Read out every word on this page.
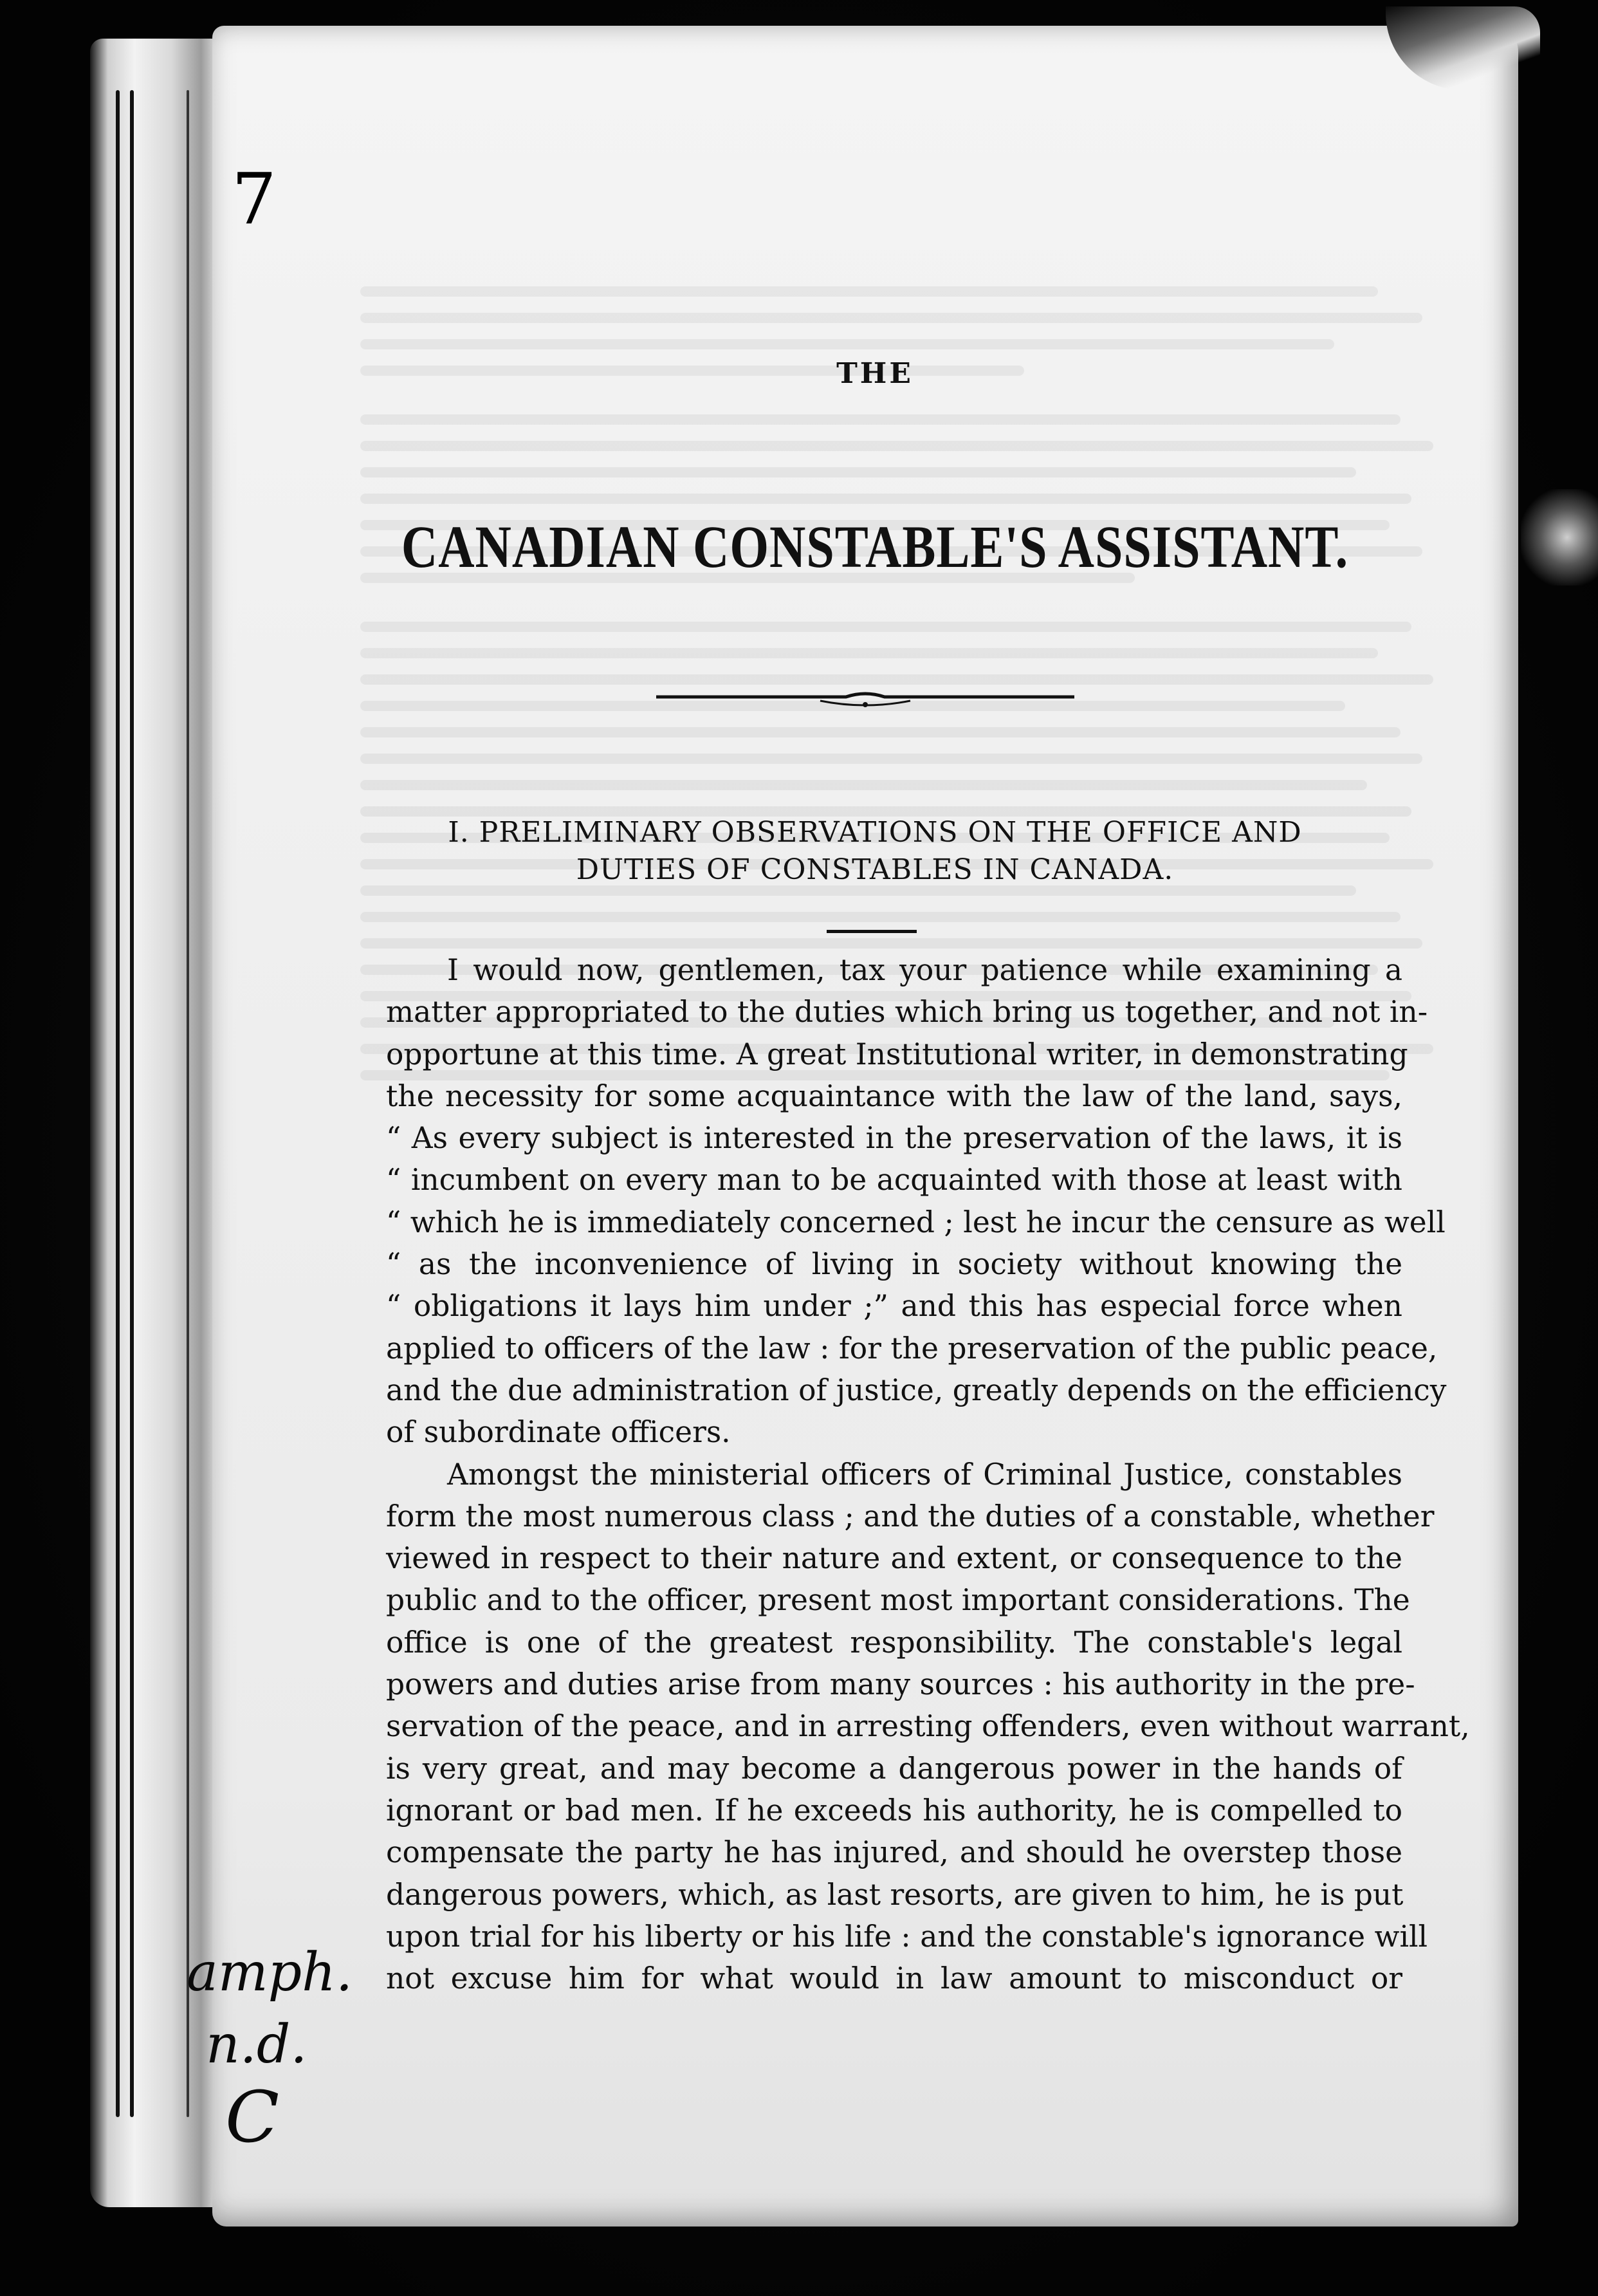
7
THE
CANADIAN CONSTABLE'S ASSISTANT.
I. PRELIMINARY OBSERVATIONS ON THE OFFICE AND
DUTIES OF CONSTABLES IN CANADA.
I would now, gentlemen, tax your patience while examining a
matter appropriated to the duties which bring us together, and not in-
opportune at this time. A great Institutional writer, in demonstrating
the necessity for some acquaintance with the law of the land, says,
“ As every subject is interested in the preservation of the laws, it is
“ incumbent on every man to be acquainted with those at least with
“ which he is immediately concerned ; lest he incur the censure as well
“ as the inconvenience of living in society without knowing the
“ obligations it lays him under ;” and this has especial force when
applied to officers of the law : for the preservation of the public peace,
and the due administration of justice, greatly depends on the efficiency
of subordinate officers.
Amongst the ministerial officers of Criminal Justice, constables
form the most numerous class ; and the duties of a constable, whether
viewed in respect to their nature and extent, or consequence to the
public and to the officer, present most important considerations. The
office is one of the greatest responsibility. The constable's legal
powers and duties arise from many sources : his authority in the pre-
servation of the peace, and in arresting offenders, even without warrant,
is very great, and may become a dangerous power in the hands of
ignorant or bad men. If he exceeds his authority, he is compelled to
compensate the party he has injured, and should he overstep those
dangerous powers, which, as last resorts, are given to him, he is put
upon trial for his liberty or his life : and the constable's ignorance will
not excuse him for what would in law amount to misconduct or
amph.
n.d.
C
